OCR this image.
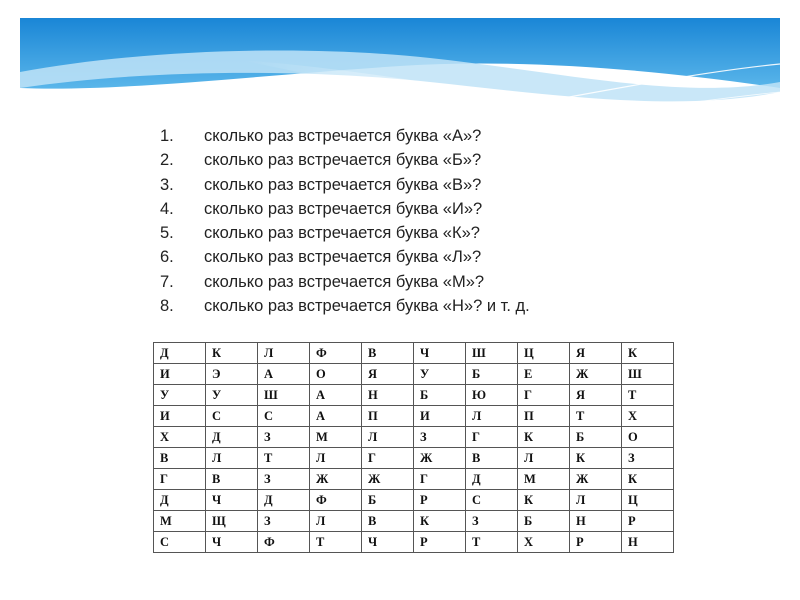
1. сколько раз встречается буква «А»?
2. сколько раз встречается буква «Б»?
3. сколько раз встречается буква «В»?
4. сколько раз встречается буква «И»?
5. сколько раз встречается буква «К»?
6. сколько раз встречается буква «Л»?
7. сколько раз встречается буква «М»?
8. сколько раз встречается буква «Н»? и т. д.
Д	К	Л	Ф	В	Ч	Ш	Ц	Я	К
И	Э	А	О	Я	У	Б	Е	Ж	Ш
У	У	Ш	А	Н	Б	Ю	Г	Я	Т
И	С	С	А	П	И	Л	П	Т	Х
Х	Д	З	М	Л	З	Г	К	Б	О
В	Л	Т	Л	Г	Ж	В	Л	К	З
Г	В	З	Ж	Ж	Г	Д	М	Ж	К
Д	Ч	Д	Ф	Б	Р	С	К	Л	Ц
М	Щ	З	Л	В	К	З	Б	Н	Р
С	Ч	Ф	Т	Ч	Р	Т	Х	Р	Н
